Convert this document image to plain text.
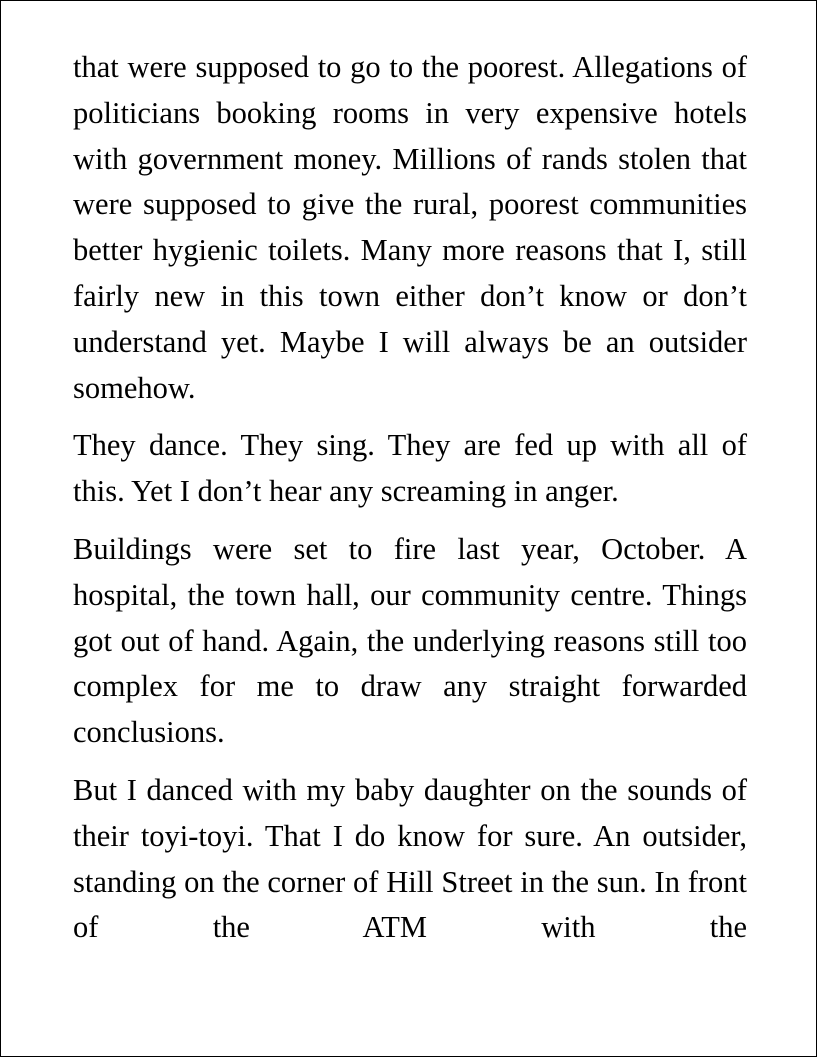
that were supposed to go to the poorest. Allegations of politicians booking rooms in very expensive hotels with government money. Millions of rands stolen that were supposed to give the rural, poorest communities better hygienic toilets. Many more reasons that I, still fairly new in this town either don’t know or don’t understand yet. Maybe I will always be an outsider somehow.

They dance. They sing. They are fed up with all of this. Yet I don’t hear any screaming in anger.

Buildings were set to fire last year, October. A hospital, the town hall, our community centre. Things got out of hand. Again, the underlying reasons still too complex for me to draw any straight forwarded conclusions.

But I danced with my baby daughter on the sounds of their toyi-toyi. That I do know for sure. An outsider, standing on the corner of Hill Street in the sun. In front of the ATM with the
